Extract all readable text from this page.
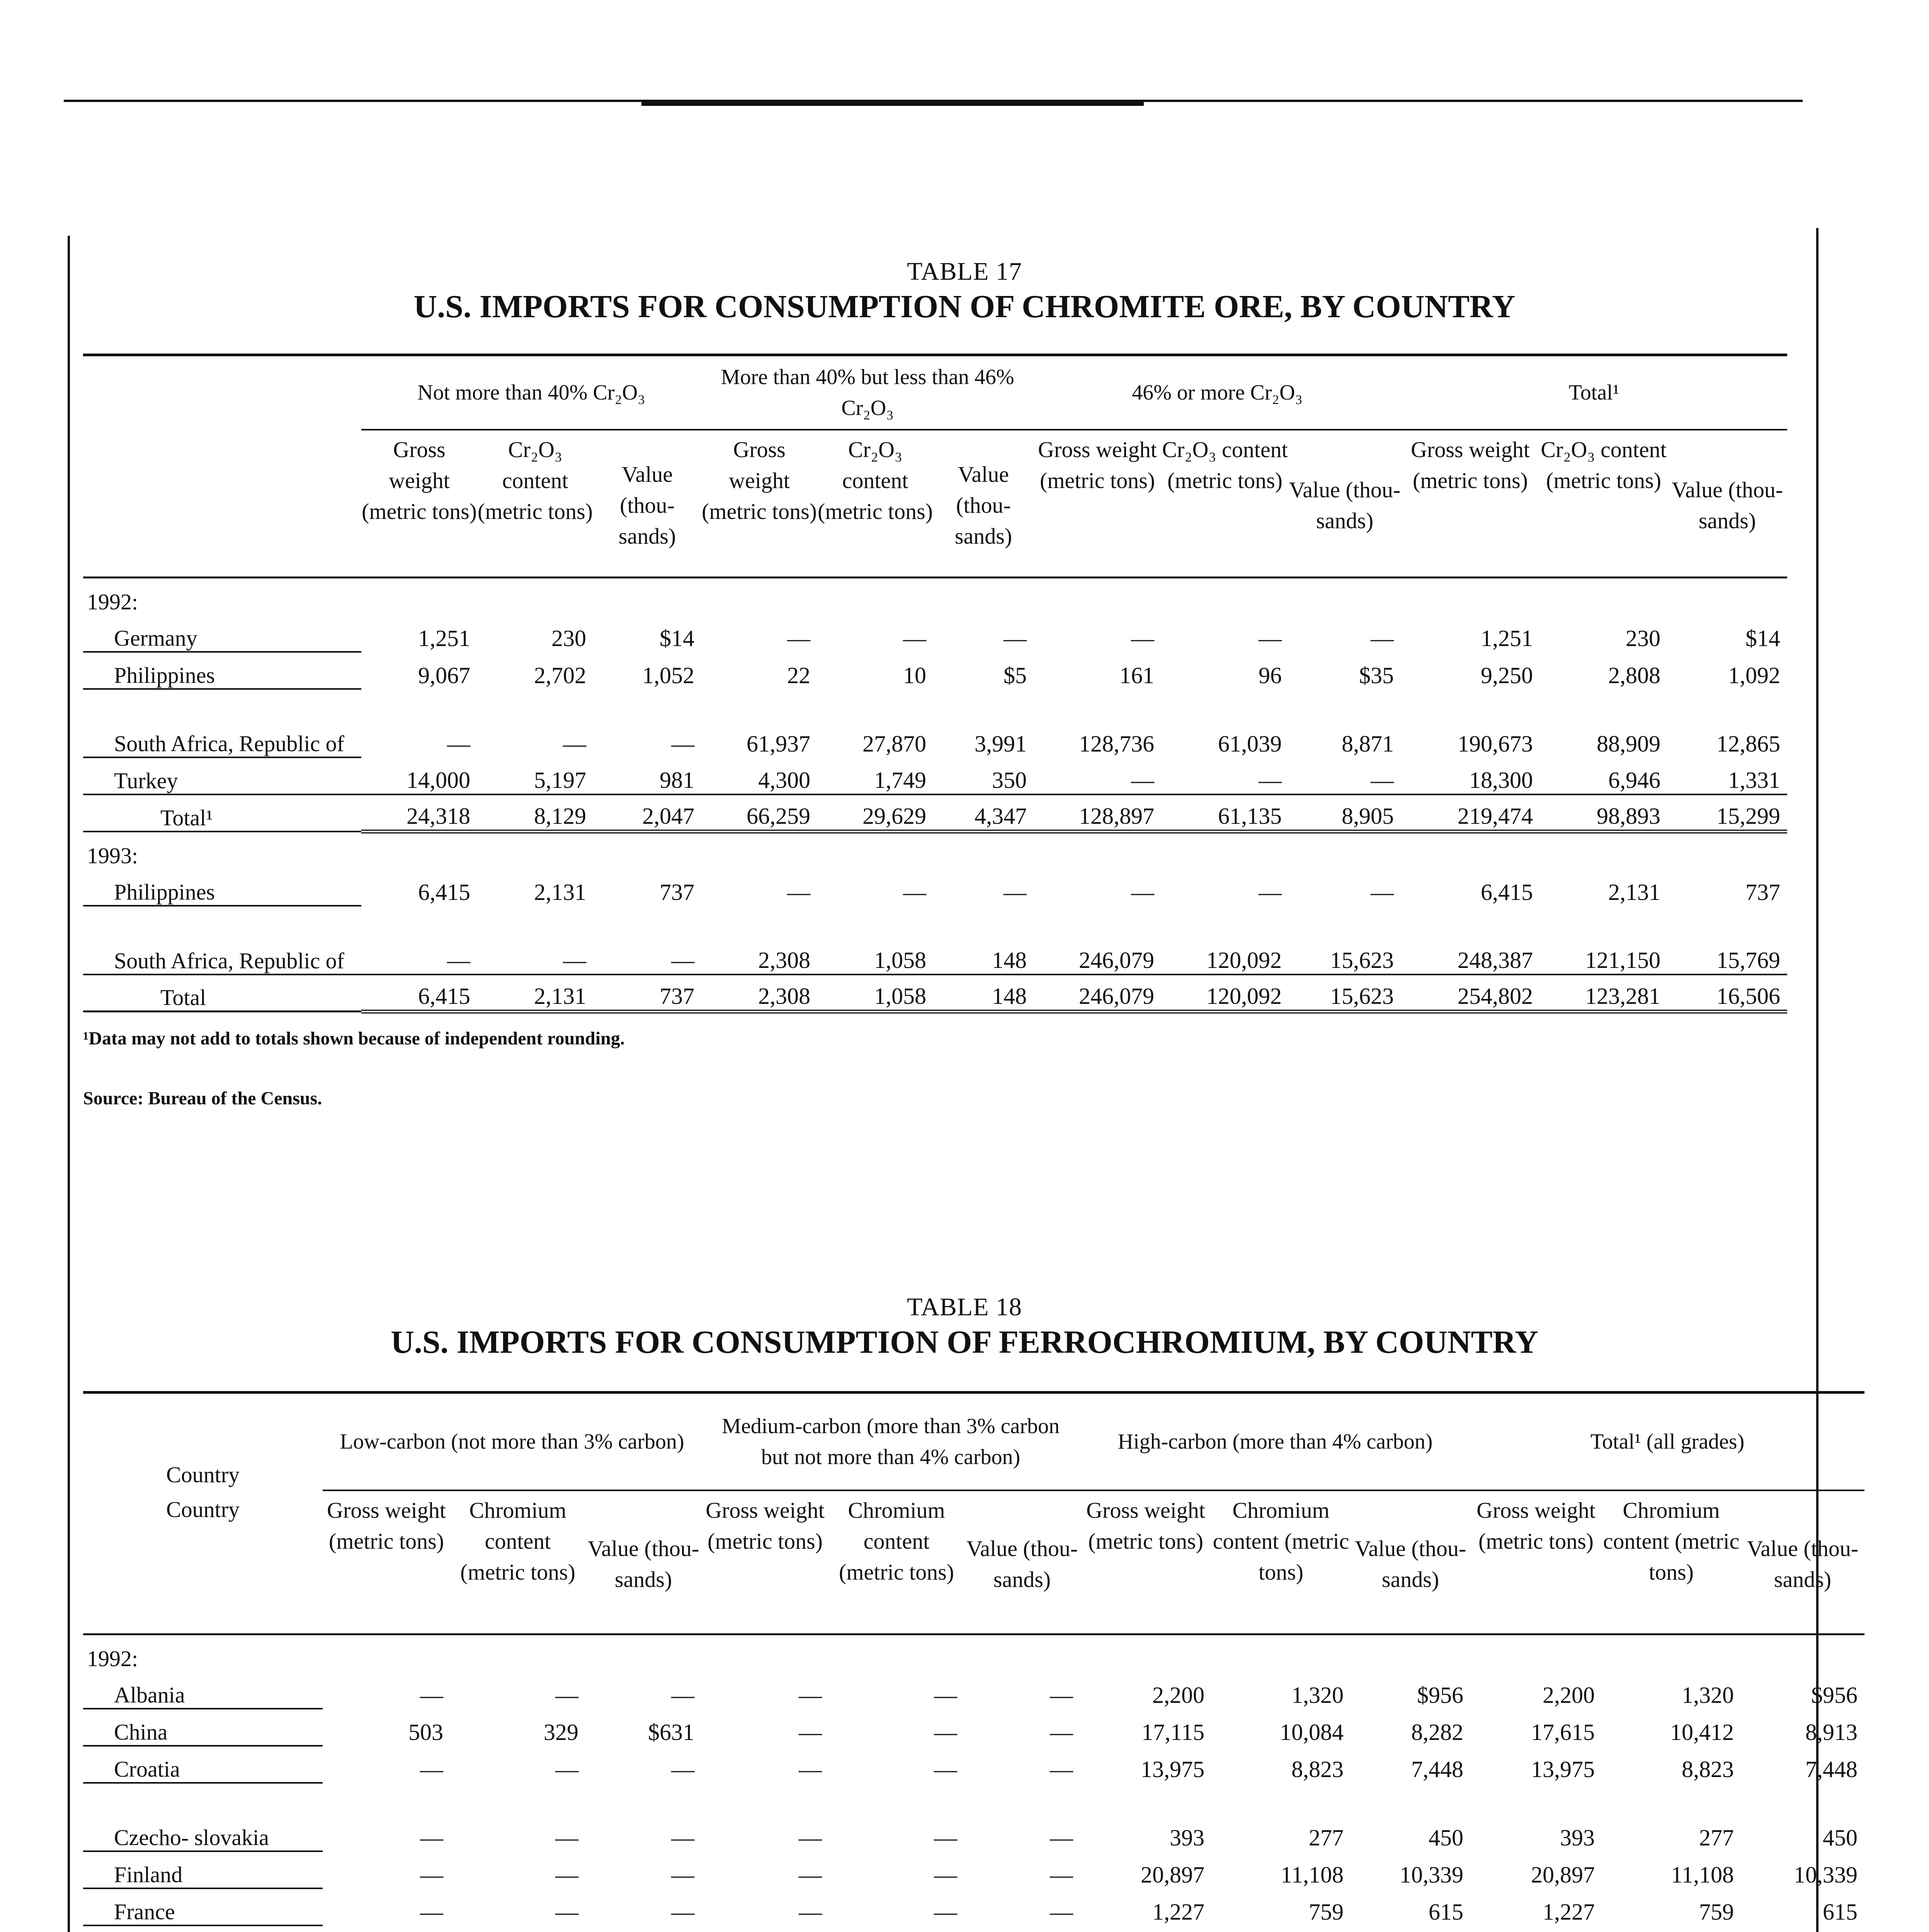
TABLE 17
U.S. IMPORTS FOR CONSUMPTION OF CHROMITE ORE, BY COUNTRY

	Not more than 40% Cr₂O₃			More than 40% but less than 46% Cr₂O₃			46% or more Cr₂O₃			Total¹		
	Gross weight (metric tons)	Cr₂O₃ content (metric tons)	Value (thou- sands)	Gross weight (metric tons)	Cr₂O₃ content (metric tons)	Value (thou- sands)	Gross weight (metric tons)	Cr₂O₃ content (metric tons)	Value (thou- sands)	Gross weight (metric tons)	Cr₂O₃ content (metric tons)	Value (thou- sands)
1992:												
Germany	1,251	230	$14	—	—	—	—	—	—	1,251	230	$14
Philippines	9,067	2,702	1,052	22	10	$5	161	96	$35	9,250	2,808	1,092
South Africa, Republic of	—	—	—	61,937	27,870	3,991	128,736	61,039	8,871	190,673	88,909	12,865
Turkey	14,000	5,197	981	4,300	1,749	350	—	—	—	18,300	6,946	1,331
Total¹	24,318	8,129	2,047	66,259	29,629	4,347	128,897	61,135	8,905	219,474	98,893	15,299
1993:												
Philippines	6,415	2,131	737	—	—	—	—	—	—	6,415	2,131	737
South Africa, Republic of	—	—	—	2,308	1,058	148	246,079	120,092	15,623	248,387	121,150	15,769
Total	6,415	2,131	737	2,308	1,058	148	246,079	120,092	15,623	254,802	123,281	16,506

¹Data may not add to totals shown because of independent rounding.
Source: Bureau of the Census.
TABLE 18
U.S. IMPORTS FOR CONSUMPTION OF FERROCHROMIUM, BY COUNTRY

Country	Low-carbon (not more than 3% carbon)			Medium-carbon (more than 3% carbon but not more than 4% carbon)			High-carbon (more than 4% carbon)			Total¹ (all grades)		
Country	Gross weight (metric tons)	Chromium content (metric tons)	Value (thou- sands)	Gross weight (metric tons)	Chromium content (metric tons)	Value (thou- sands)	Gross weight (metric tons)	Chromium content (metric tons)	Value (thou- sands)	Gross weight (metric tons)	Chromium content (metric tons)	Value (thou- sands)
1992:												
Albania	—	—	—	—	—	—	2,200	1,320	$956	2,200	1,320	$956
China	503	329	$631	—	—	—	17,115	10,084	8,282	17,615	10,412	8,913
Croatia	—	—	—	—	—	—	13,975	8,823	7,448	13,975	8,823	7,448
Czecho- slovakia	—	—	—	—	—	—	393	277	450	393	277	450
Finland	—	—	—	—	—	—	20,897	11,108	10,339	20,897	11,108	10,339
France	—	—	—	—	—	—	1,227	759	615	1,227	759	615
